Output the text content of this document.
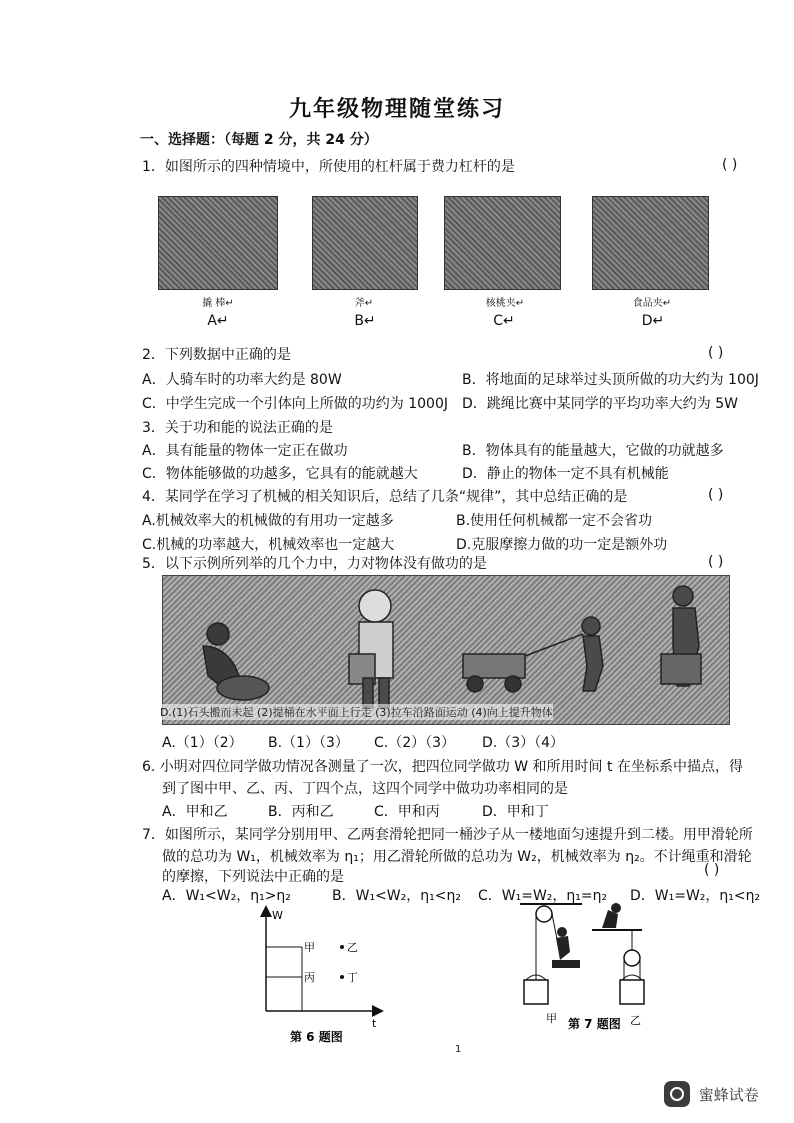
九年级物理随堂练习
一、选择题：（每题 2 分，共 24 分）
1．如图所示的四种情境中，所使用的杠杆属于费力杠杆的是	( )
撬 棒↵	斧↵	核桃夹↵	食品夹↵
A↵	B↵	C↵	D↵
2．下列数据中正确的是	( )
A．人骑车时的功率大约是 80W	B．将地面的足球举过头顶所做的功大约为 100J
C．中学生完成一个引体向上所做的功约为 1000J D．跳绳比赛中某同学的平均功率大约为 5W
3．关于功和能的说法正确的是
A．具有能量的物体一定正在做功	B．物体具有的能量越大，它做的功就越多
C．物体能够做的功越多，它具有的能就越大	D．静止的物体一定不具有机械能
4．某同学在学习了机械的相关知识后，总结了几条“规律”，其中总结正确的是	( )
A.机械效率大的机械做的有用功一定越多	B.使用任何机械都一定不会省功
C.机械的功率越大，机械效率也一定越大	D.克服摩擦力做的功一定是额外功
5．以下示例所列举的几个力中，力对物体没有做功的是	( )
D.(1)石头搬而未起 (2)提桶在水平面上行走 (3)拉车沿路面运动 (4)向上提升物体
A.（1）（2） B.（1）（3） C.（2）（3） D.（3）（4）
6. 小明对四位同学做功情况各测量了一次，把四位同学做功 W 和所用时间 t 在坐标系中描点，得
到了图中甲、乙、丙、丁四个点，这四个同学中做功功率相同的是
A．甲和乙	B．丙和乙	C．甲和丙	D．甲和丁
7．如图所示，某同学分别用甲、乙两套滑轮把同一桶沙子从一楼地面匀速提升到二楼。用甲滑轮所
做的总功为 W₁，机械效率为 η₁；用乙滑轮所做的总功为 W₂，机械效率为 η₂。不计绳重和滑轮
的摩擦，下列说法中正确的是	( )
A．W₁<W₂，η₁>η₂	B．W₁<W₂，η₁<η₂ C．W₁=W₂，η₁=η₂ D．W₁=W₂，η₁<η₂
W
t
甲	乙
丙	丁
第 6 题图
甲	乙
第 7 题图
1
蜜蜂试卷
